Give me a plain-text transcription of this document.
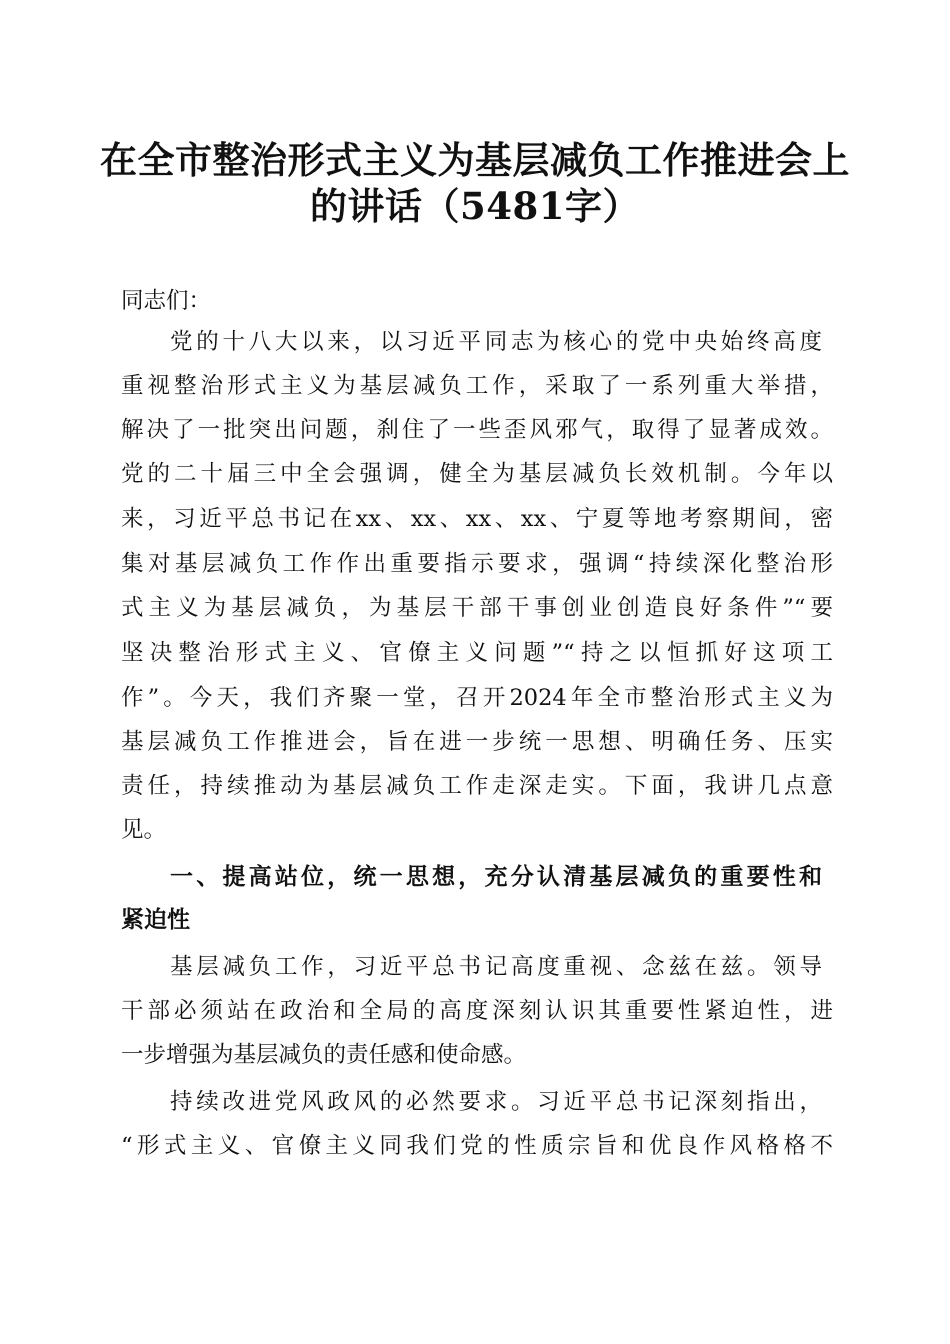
在全市整治形式主义为基层减负工作推进会上
的讲话（5481字）
同志们：
党的十八大以来，以习近平同志为核心的党中央始终高度
重视整治形式主义为基层减负工作，采取了一系列重大举措，
解决了一批突出问题，刹住了一些歪风邪气，取得了显著成效。
党的二十届三中全会强调，健全为基层减负长效机制。今年以
来，习近平总书记在xx、xx、xx、xx、宁夏等地考察期间，密
集对基层减负工作作出重要指示要求，强调“持续深化整治形
式主义为基层减负，为基层干部干事创业创造良好条件”“要
坚决整治形式主义、官僚主义问题”“持之以恒抓好这项工
作”。今天，我们齐聚一堂，召开2024年全市整治形式主义为
基层减负工作推进会，旨在进一步统一思想、明确任务、压实
责任，持续推动为基层减负工作走深走实。下面，我讲几点意
见。
一、提高站位，统一思想，充分认清基层减负的重要性和
紧迫性
基层减负工作，习近平总书记高度重视、念兹在兹。领导
干部必须站在政治和全局的高度深刻认识其重要性紧迫性，进
一步增强为基层减负的责任感和使命感。
持续改进党风政风的必然要求。习近平总书记深刻指出，
“形式主义、官僚主义同我们党的性质宗旨和优良作风格格不
